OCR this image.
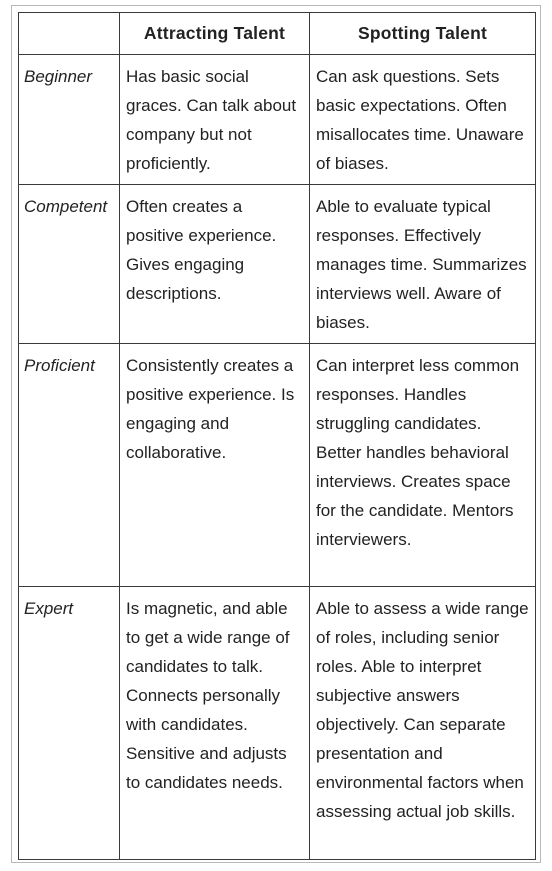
	Attracting Talent	Spotting Talent
Beginner	Has basic social graces. Can talk about company but not proficiently.	Can ask questions. Sets basic expectations. Often misallocates time. Unaware of biases.
Competent	Often creates a positive experience. Gives engaging descriptions.	Able to evaluate typical responses. Effectively manages time. Summarizes interviews well. Aware of biases.
Proficient	Consistently creates a positive experience. Is engaging and collaborative.	Can interpret less common responses. Handles struggling candidates. Better handles behavioral interviews. Creates space for the candidate. Mentors interviewers.
Expert	Is magnetic, and able to get a wide range of candidates to talk. Connects personally with candidates. Sensitive and adjusts to candidates needs.	Able to assess a wide range of roles, including senior roles. Able to interpret subjective answers objectively. Can separate presentation and environmental factors when assessing actual job skills.
